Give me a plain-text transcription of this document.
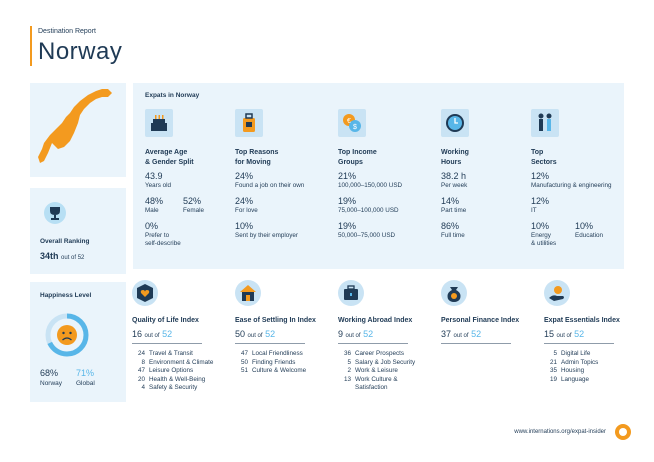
Destination Report
Norway
Overall Ranking
34th out of 52
Happiness Level
68%
Norway
71%
Global
Expats in Norway
Average Age
& Gender Split
43.9
Years old
48%
Male
52%
Female
0%
Prefer to
self-describe
Top Reasons
for Moving
24%
Found a job on their own
24%
For love
10%
Sent by their employer
€
$
Top Income
Groups
21%
100,000–150,000 USD
19%
75,000–100,000 USD
19%
50,000–75,000 USD
Working
Hours
38.2 h
Per week
14%
Part time
86%
Full time
Top
Sectors
12%
Manufacturing & engineering
12%
IT
10%
Energy
& utilities
10%
Education
Quality of Life Index
16 out of 52
24 Travel & Transit
8 Environment & Climate
47 Leisure Options
20 Health & Well-Being
4 Safety & Security
Ease of Settling In Index
50 out of 52
47 Local Friendliness
50 Finding Friends
51 Culture & Welcome
Working Abroad Index
9 out of 52
36 Career Prospects
5 Salary & Job Security
2 Work & Leisure
13 Work Culture &
Satisfaction
Personal Finance Index
37 out of 52
Expat Essentials Index
15 out of 52
5 Digital Life
21 Admin Topics
35 Housing
19 Language
www.internations.org/expat-insider
